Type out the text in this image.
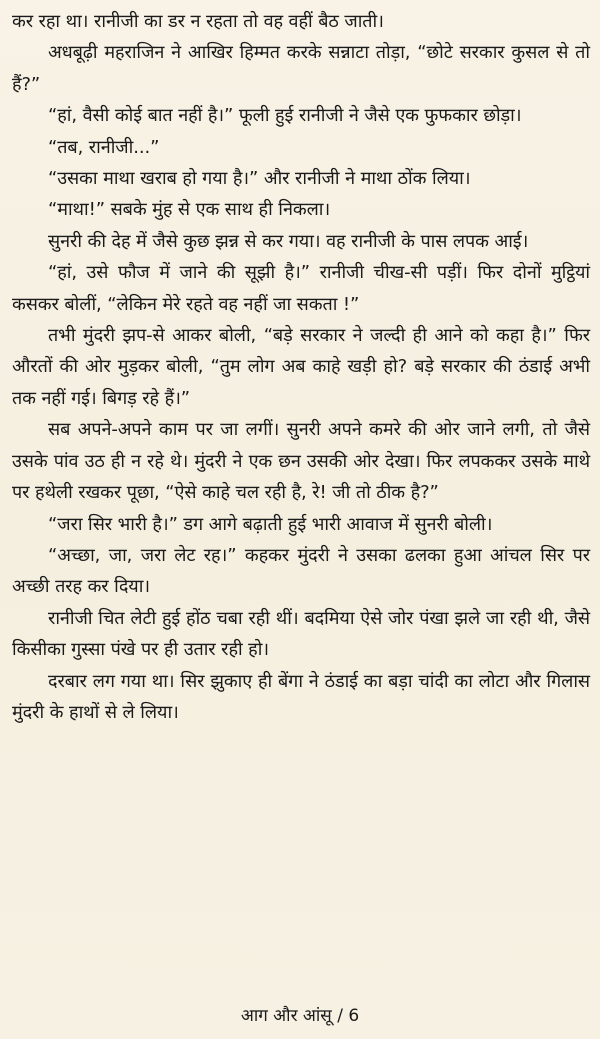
कर रहा था। रानीजी का डर न रहता तो वह वहीं बैठ जाती।

अधबूढ़ी महराजिन ने आखिर हिम्मत करके सन्नाटा तोड़ा, “छोटे सरकार कुसल से तो हैं?”

“हां, वैसी कोई बात नहीं है।” फूली हुई रानीजी ने जैसे एक फुफकार छोड़ा।

“तब, रानीजी...”

“उसका माथा खराब हो गया है।” और रानीजी ने माथा ठोंक लिया।

“माथा!” सबके मुंह से एक साथ ही निकला।

सुनरी की देह में जैसे कुछ झन्न से कर गया। वह रानीजी के पास लपक आई।

“हां, उसे फौज में जाने की सूझी है।” रानीजी चीख-सी पड़ीं। फिर दोनों मुट्ठियां कसकर बोलीं, “लेकिन मेरे रहते वह नहीं जा सकता !”

तभी मुंदरी झप-से आकर बोली, “बड़े सरकार ने जल्दी ही आने को कहा है।” फिर औरतों की ओर मुड़कर बोली, “तुम लोग अब काहे खड़ी हो? बड़े सरकार की ठंडाई अभी तक नहीं गई। बिगड़ रहे हैं।”

सब अपने-अपने काम पर जा लगीं। सुनरी अपने कमरे की ओर जाने लगी, तो जैसे उसके पांव उठ ही न रहे थे। मुंदरी ने एक छन उसकी ओर देखा। फिर लपककर उसके माथे पर हथेली रखकर पूछा, “ऐसे काहे चल रही है, रे! जी तो ठीक है?”

“जरा सिर भारी है।” डग आगे बढ़ाती हुई भारी आवाज में सुनरी बोली।

“अच्छा, जा, जरा लेट रह।” कहकर मुंदरी ने उसका ढलका हुआ आंचल सिर पर अच्छी तरह कर दिया।

रानीजी चित लेटी हुई होंठ चबा रही थीं। बदमिया ऐसे जोर पंखा झले जा रही थी, जैसे किसीका गुस्सा पंखे पर ही उतार रही हो।

दरबार लग गया था। सिर झुकाए ही बेंगा ने ठंडाई का बड़ा चांदी का लोटा और गिलास मुंदरी के हाथों से ले लिया।

आग और आंसू / 6
